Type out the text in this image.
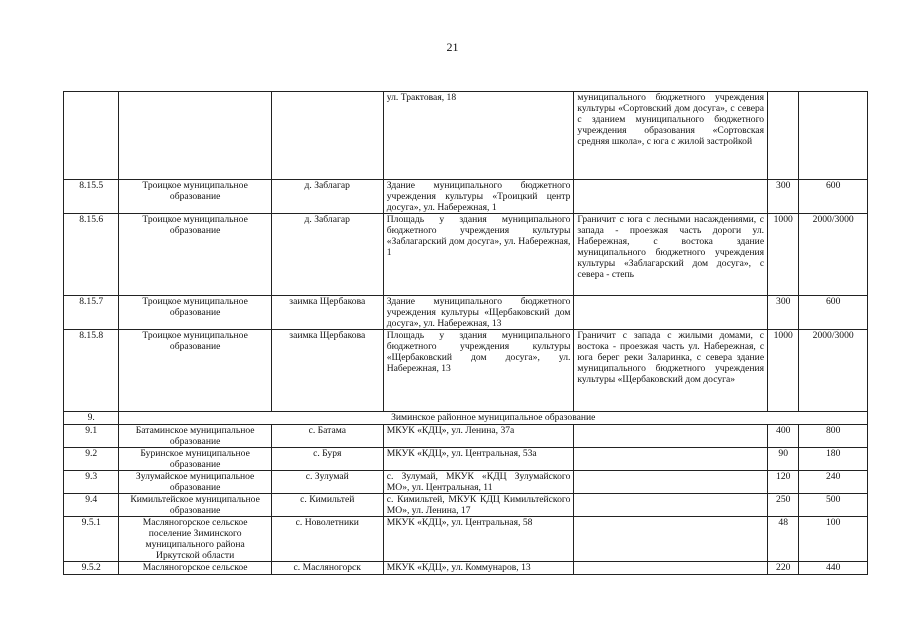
21
			ул. Трактовая, 18	муниципального бюджетного учреждения культуры «Сортовский дом досуга», с севера с зданием муниципального бюджетного учреждения образования «Сортовская средняя школа», с юга с жилой застройкой		
8.15.5	Троицкое муниципальное образование	д. Заблагар	Здание муниципального бюджетного учреждения культуры «Троицкий центр досуга», ул. Набережная, 1		300	600
8.15.6	Троицкое муниципальное образование	д. Заблагар	Площадь у здания муниципального бюджетного учреждения культуры «Заблагарский дом досуга», ул. Набережная, 1	Граничит с юга с лесными насаждениями, с запада - проезжая часть дороги ул. Набережная, с востока здание муниципального бюджетного учреждения культуры «Заблагарский дом досуга», с севера - степь	1000	2000/3000
8.15.7	Троицкое муниципальное образование	заимка Щербакова	Здание муниципального бюджетного учреждения культуры «Щербаковский дом досуга», ул. Набережная, 13		300	600
8.15.8	Троицкое муниципальное образование	заимка Щербакова	Площадь у здания муниципального бюджетного учреждения культуры «Щербаковский дом досуга», ул. Набережная, 13	Граничит с запада с жилыми домами, с востока - проезжая часть ул. Набережная, с юга берег реки Заларинка, с севера здание муниципального бюджетного учреждения культуры «Щербаковский дом досуга»	1000	2000/3000
9.	Зиминское районное муниципальное образование					
9.1	Батаминское муниципальное образование	с. Батама	МКУК «КДЦ», ул. Ленина, 37а		400	800
9.2	Буринское муниципальное образование	с. Буря	МКУК «КДЦ», ул. Центральная, 53а		90	180
9.3	Зулумайское муниципальное образование	с. Зулумай	с. Зулумай, МКУК «КДЦ Зулумайского МО», ул. Центральная, 11		120	240
9.4	Кимильтейское муниципальное образование	с. Кимильтей	с. Кимильтей, МКУК КДЦ Кимильтейского МО», ул. Ленина, 17		250	500
9.5.1	Масляногорское сельское поселение Зиминского муниципального района Иркутской области	с. Новолетники	МКУК «КДЦ», ул. Центральная, 58		48	100
9.5.2	Масляногорское сельское	с. Масляногорск	МКУК «КДЦ», ул. Коммунаров, 13		220	440
